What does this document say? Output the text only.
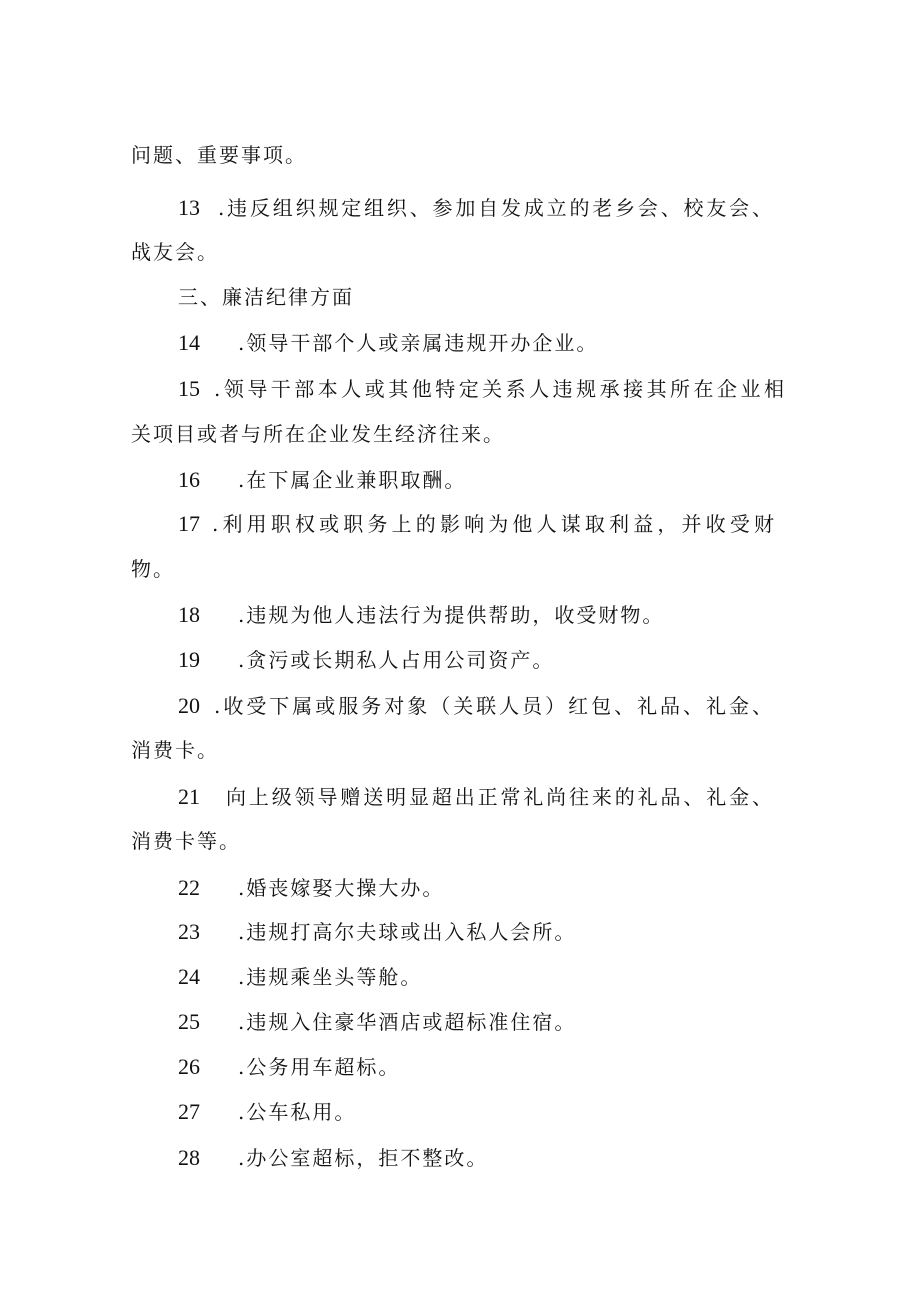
问题、重要事项。
13 .违反组织规定组织、参加自发成立的老乡会、校友会、
战友会。
三、廉洁纪律方面
14 .领导干部个人或亲属违规开办企业。
15 .领导干部本人或其他特定关系人违规承接其所在企业相
关项目或者与所在企业发生经济往来。
16 .在下属企业兼职取酬。
17 .利用职权或职务上的影响为他人谋取利益，并收受财
物。
18 .违规为他人违法行为提供帮助，收受财物。
19 .贪污或长期私人占用公司资产。
20 .收受下属或服务对象（关联人员）红包、礼品、礼金、
消费卡。
21 向上级领导赠送明显超出正常礼尚往来的礼品、礼金、
消费卡等。
22 .婚丧嫁娶大操大办。
23 .违规打高尔夫球或出入私人会所。
24 .违规乘坐头等舱。
25 .违规入住豪华酒店或超标准住宿。
26 .公务用车超标。
27 .公车私用。
28 .办公室超标，拒不整改。
